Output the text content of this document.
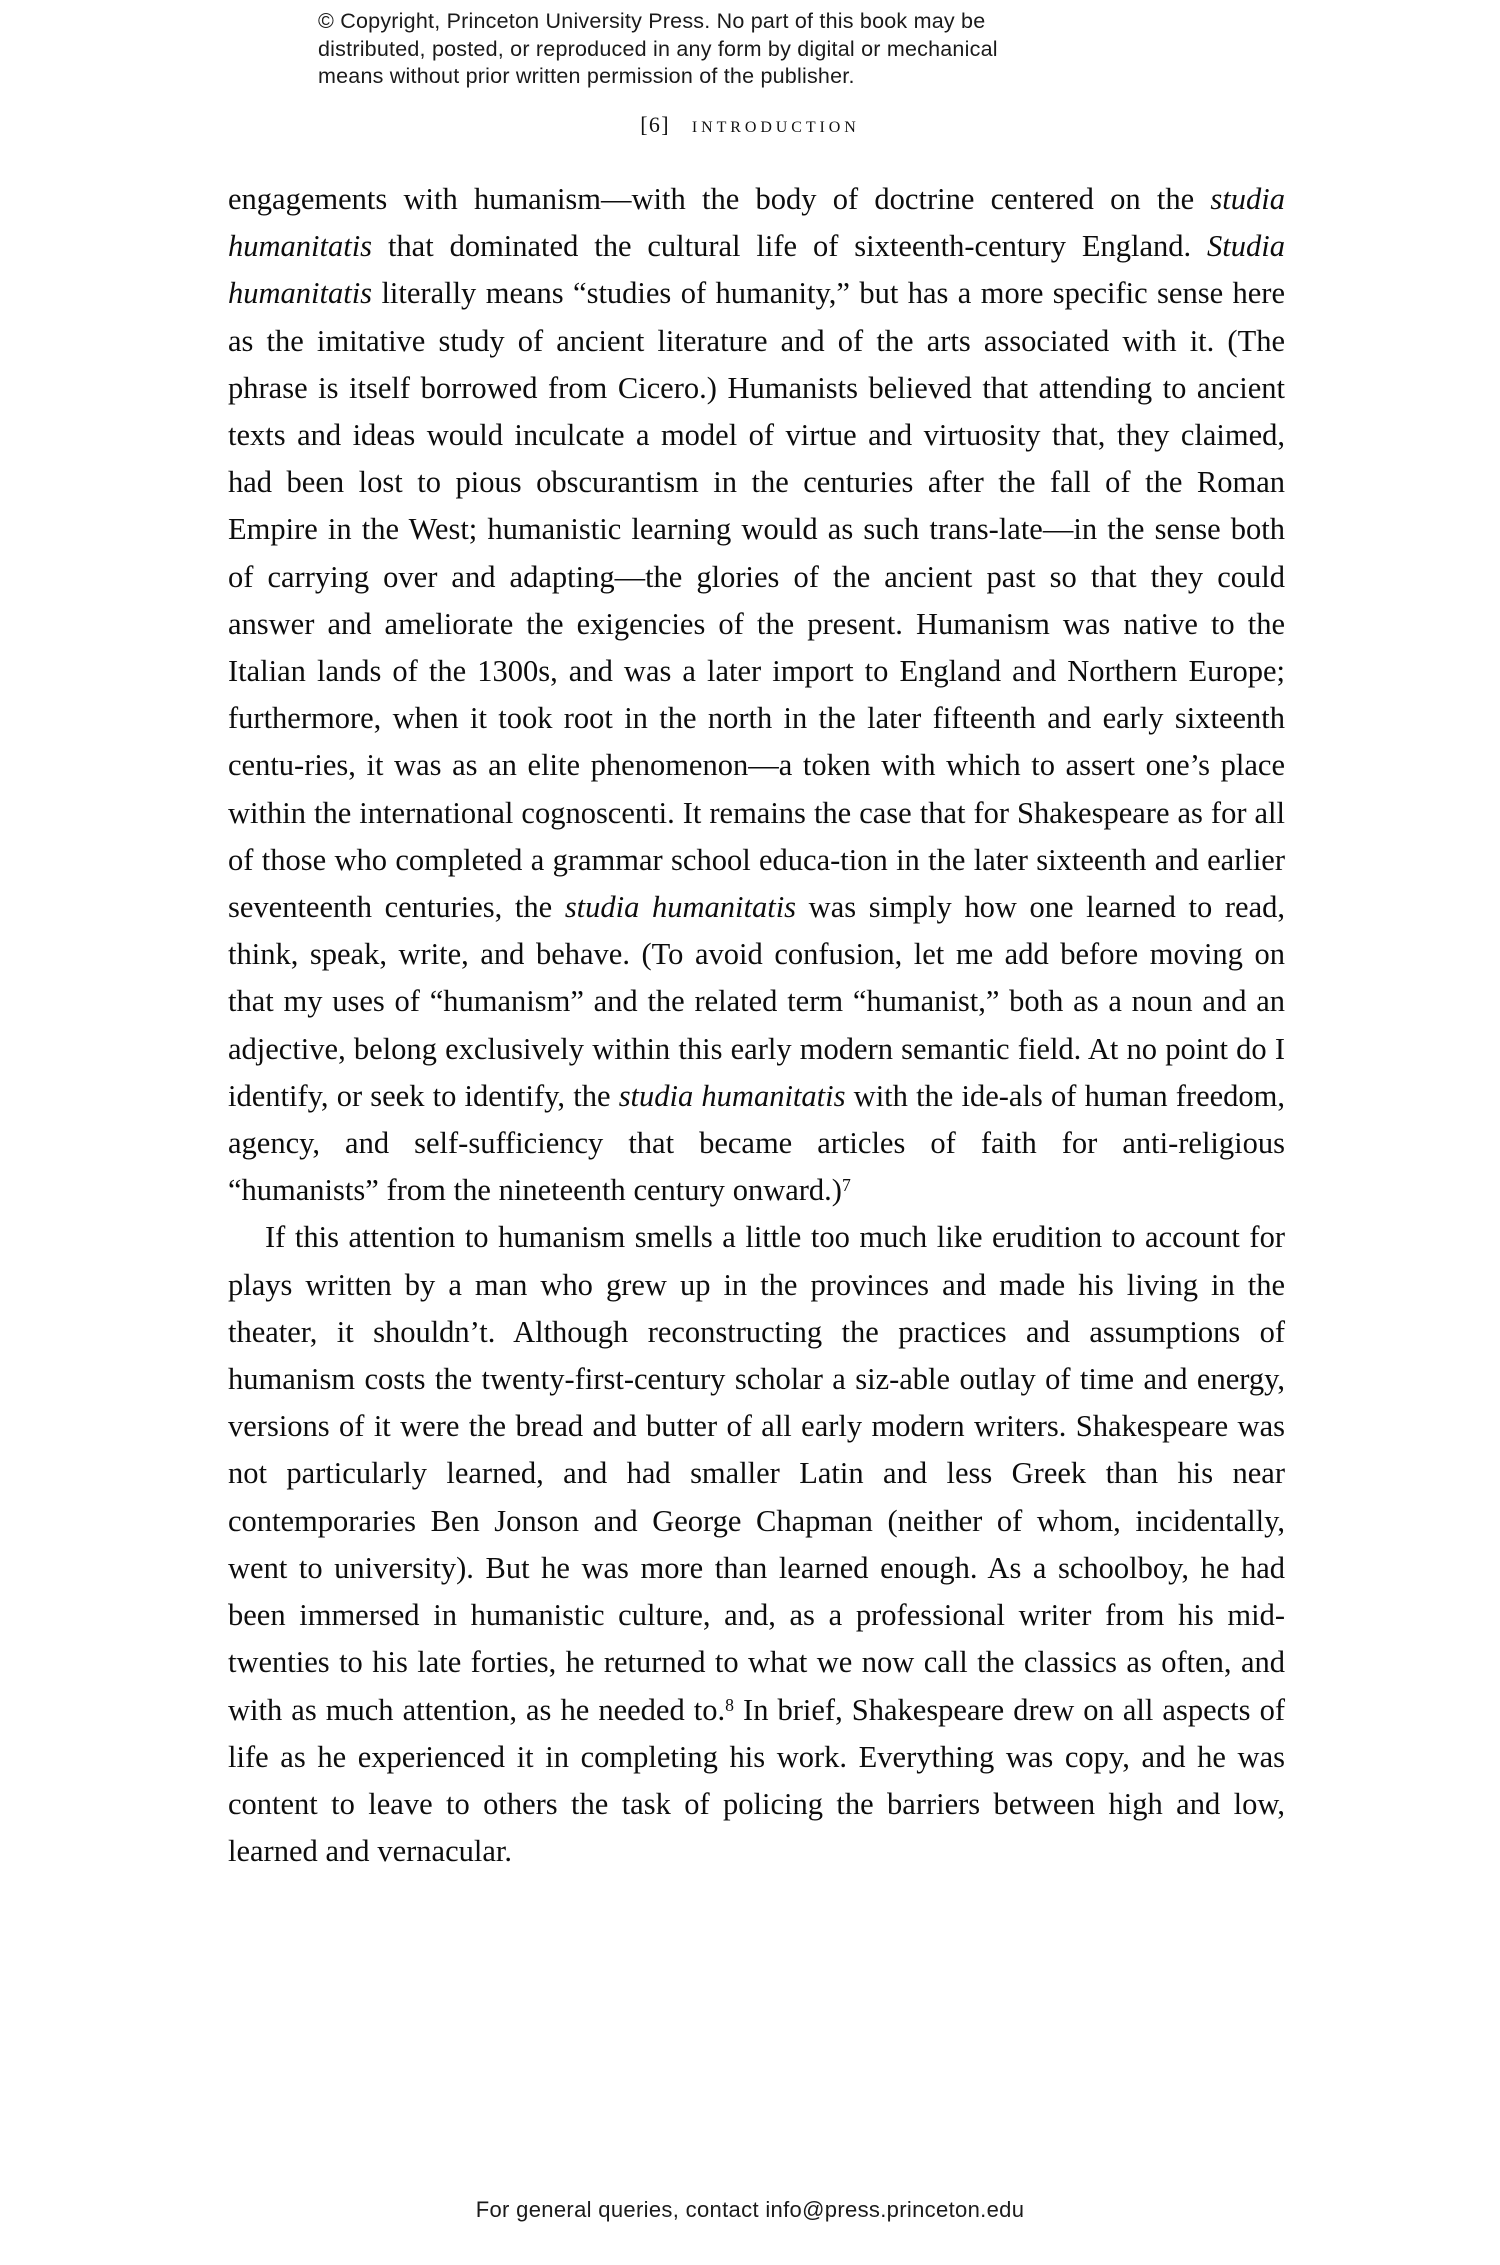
© Copyright, Princeton University Press. No part of this book may be
distributed, posted, or reproduced in any form by digital or mechanical
means without prior written permission of the publisher.
[6] introduction

engagements with humanism—with the body of doctrine centered on the studia humanitatis that dominated the cultural life of sixteenth-century England. Studia humanitatis literally means “studies of humanity,” but has a more specific sense here as the imitative study of ancient literature and of the arts associated with it. (The phrase is itself borrowed from Cicero.) Humanists believed that attending to ancient texts and ideas would inculcate a model of virtue and virtuosity that, they claimed, had been lost to pious obscurantism in the centuries after the fall of the Roman Empire in the West; humanistic learning would as such trans-late—in the sense both of carrying over and adapting—the glories of the ancient past so that they could answer and ameliorate the exigencies of the present. Humanism was native to the Italian lands of the 1300s, and was a later import to England and Northern Europe; furthermore, when it took root in the north in the later fifteenth and early sixteenth centu-ries, it was as an elite phenomenon—a token with which to assert one’s place within the international cognoscenti. It remains the case that for Shakespeare as for all of those who completed a grammar school educa-tion in the later sixteenth and earlier seventeenth centuries, the studia humanitatis was simply how one learned to read, think, speak, write, and behave. (To avoid confusion, let me add before moving on that my uses of “humanism” and the related term “humanist,” both as a noun and an adjective, belong exclusively within this early modern semantic field. At no point do I identify, or seek to identify, the studia humanitatis with the ide-als of human freedom, agency, and self-sufficiency that became articles of faith for anti-religious “humanists” from the nineteenth century onward.)$^7$

If this attention to humanism smells a little too much like erudition to account for plays written by a man who grew up in the provinces and made his living in the theater, it shouldn’t. Although reconstructing the practices and assumptions of humanism costs the twenty-first-century scholar a siz-able outlay of time and energy, versions of it were the bread and butter of all early modern writers. Shakespeare was not particularly learned, and had smaller Latin and less Greek than his near contemporaries Ben Jonson and George Chapman (neither of whom, incidentally, went to university). But he was more than learned enough. As a schoolboy, he had been immersed in humanistic culture, and, as a professional writer from his mid-twenties to his late forties, he returned to what we now call the classics as often, and with as much attention, as he needed to.$^8$ In brief, Shakespeare drew on all aspects of life as he experienced it in completing his work. Everything was copy, and he was content to leave to others the task of policing the barriers between high and low, learned and vernacular.

For general queries, contact info@press.princeton.edu
